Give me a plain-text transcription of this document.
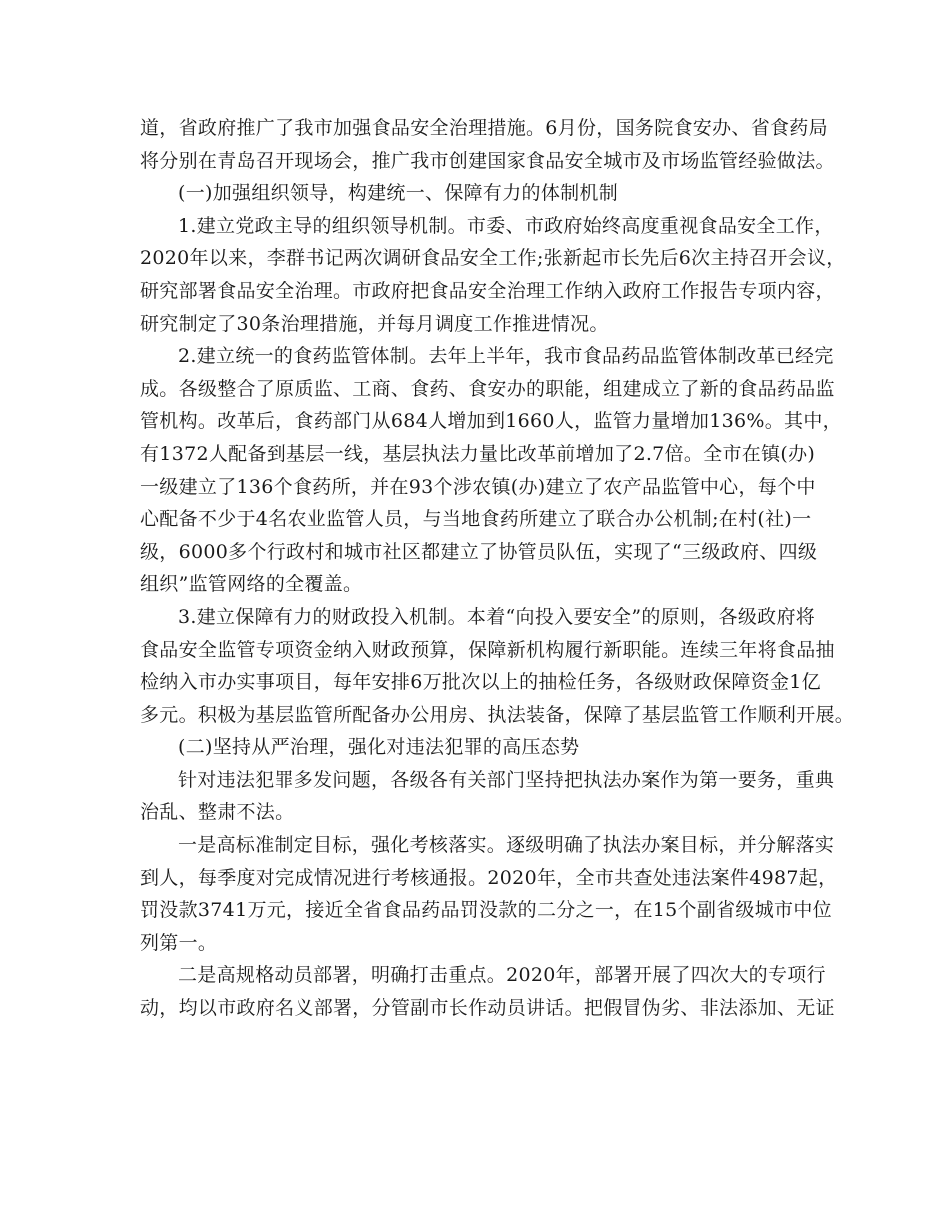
道，省政府推广了我市加强食品安全治理措施。6月份，国务院食安办、省食药局
将分别在青岛召开现场会，推广我市创建国家食品安全城市及市场监管经验做法。
(一)加强组织领导，构建统一、保障有力的体制机制
1.建立党政主导的组织领导机制。市委、市政府始终高度重视食品安全工作，
2020年以来，李群书记两次调研食品安全工作;张新起市长先后6次主持召开会议，
研究部署食品安全治理。市政府把食品安全治理工作纳入政府工作报告专项内容，
研究制定了30条治理措施，并每月调度工作推进情况。
2.建立统一的食药监管体制。去年上半年，我市食品药品监管体制改革已经完
成。各级整合了原质监、工商、食药、食安办的职能，组建成立了新的食品药品监
管机构。改革后，食药部门从684人增加到1660人，监管力量增加136%。其中，
有1372人配备到基层一线，基层执法力量比改革前增加了2.7倍。全市在镇(办)
一级建立了136个食药所，并在93个涉农镇(办)建立了农产品监管中心，每个中
心配备不少于4名农业监管人员，与当地食药所建立了联合办公机制;在村(社)一
级，6000多个行政村和城市社区都建立了协管员队伍，实现了“三级政府、四级
组织”监管网络的全覆盖。
3.建立保障有力的财政投入机制。本着“向投入要安全”的原则，各级政府将
食品安全监管专项资金纳入财政预算，保障新机构履行新职能。连续三年将食品抽
检纳入市办实事项目，每年安排6万批次以上的抽检任务，各级财政保障资金1亿
多元。积极为基层监管所配备办公用房、执法装备，保障了基层监管工作顺利开展。
(二)坚持从严治理，强化对违法犯罪的高压态势
针对违法犯罪多发问题，各级各有关部门坚持把执法办案作为第一要务，重典
治乱、整肃不法。
一是高标准制定目标，强化考核落实。逐级明确了执法办案目标，并分解落实
到人，每季度对完成情况进行考核通报。2020年，全市共查处违法案件4987起，
罚没款3741万元，接近全省食品药品罚没款的二分之一，在15个副省级城市中位
列第一。
二是高规格动员部署，明确打击重点。2020年，部署开展了四次大的专项行
动，均以市政府名义部署，分管副市长作动员讲话。把假冒伪劣、非法添加、无证
